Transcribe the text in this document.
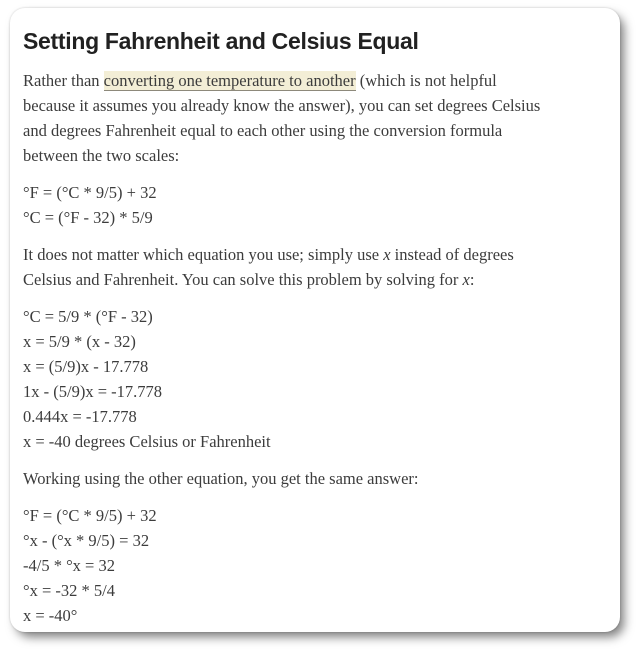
Setting Fahrenheit and Celsius Equal

Rather than converting one temperature to another (which is not helpful
because it assumes you already know the answer), you can set degrees Celsius
and degrees Fahrenheit equal to each other using the conversion formula
between the two scales:

°F = (°C * 9/5) + 32
°C = (°F - 32) * 5/9

It does not matter which equation you use; simply use x instead of degrees
Celsius and Fahrenheit. You can solve this problem by solving for x:

°C = 5/9 * (°F - 32)
x = 5/9 * (x - 32)
x = (5/9)x - 17.778
1x - (5/9)x = -17.778
0.444x = -17.778
x = -40 degrees Celsius or Fahrenheit

Working using the other equation, you get the same answer:

°F = (°C * 9/5) + 32
°x - (°x * 9/5) = 32
-4/5 * °x = 32
°x = -32 * 5/4
x = -40°
